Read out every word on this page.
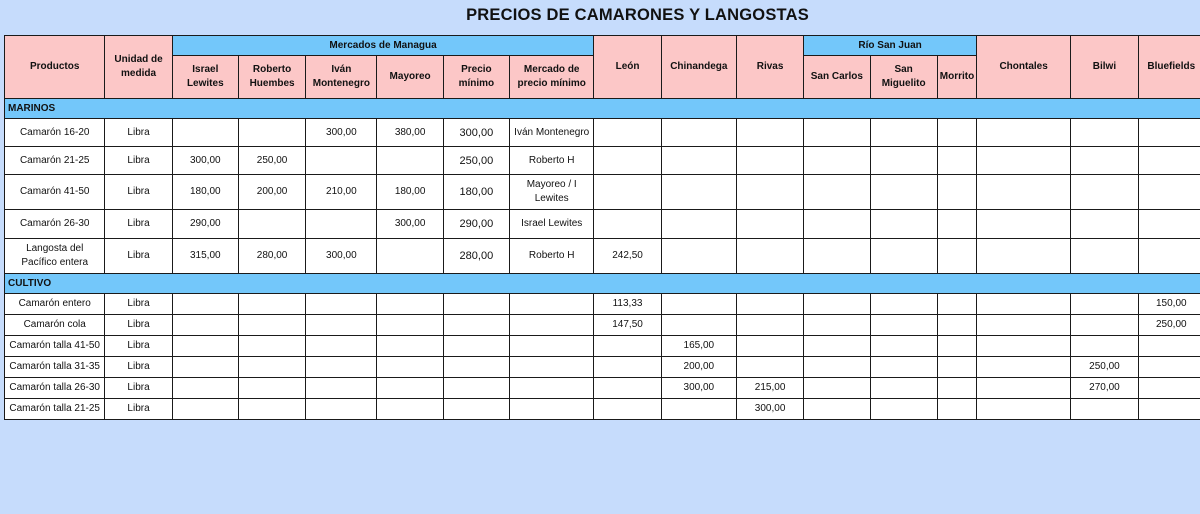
PRECIOS DE CAMARONES Y LANGOSTAS
Productos	Unidad de medida	Mercados de Managua						León	Chinandega	Rivas	Río San Juan			Chontales	Bilwi	Bluefields
		Israel Lewites	Roberto Huembes	Iván Montenegro	Mayoreo	Precio mínimo	Mercado de precio mínimo				San Carlos	San Miguelito	Morrito			
MARINOS																
Camarón 16-20	Libra			300,00	380,00	300,00	Iván Montenegro									
Camarón 21-25	Libra	300,00	250,00			250,00	Roberto H									
Camarón 41-50	Libra	180,00	200,00	210,00	180,00	180,00	Mayoreo / I Lewites									
Camarón 26-30	Libra	290,00			300,00	290,00	Israel Lewites									
Langosta del Pacífico entera	Libra	315,00	280,00	300,00		280,00	Roberto H	242,50								
CULTIVO																
Camarón entero	Libra							113,33								150,00
Camarón cola	Libra							147,50								250,00
Camarón talla 41-50	Libra								165,00							
Camarón talla 31-35	Libra								200,00						250,00	
Camarón talla 26-30	Libra								300,00	215,00					270,00	
Camarón talla 21-25	Libra									300,00						
